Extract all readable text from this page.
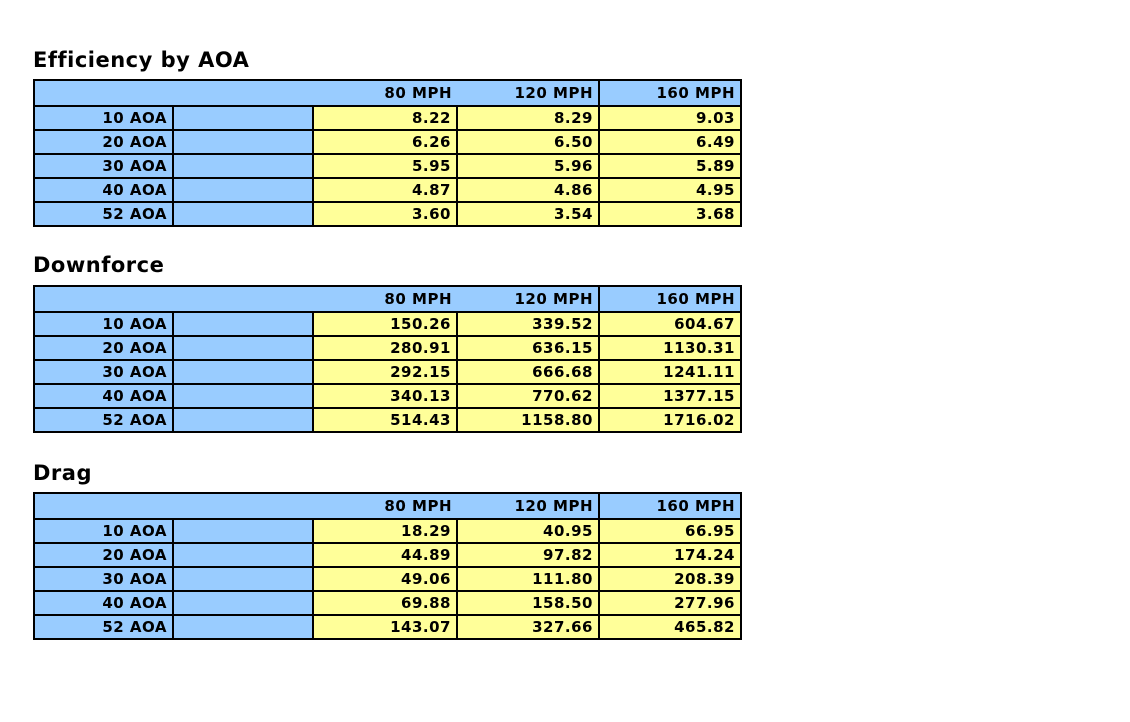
Efficiency by AOA
		80 MPH	120 MPH	160 MPH
10 AOA		8.22	8.29	9.03
20 AOA		6.26	6.50	6.49
30 AOA		5.95	5.96	5.89
40 AOA		4.87	4.86	4.95
52 AOA		3.60	3.54	3.68
Downforce
		80 MPH	120 MPH	160 MPH
10 AOA		150.26	339.52	604.67
20 AOA		280.91	636.15	1130.31
30 AOA		292.15	666.68	1241.11
40 AOA		340.13	770.62	1377.15
52 AOA		514.43	1158.80	1716.02
Drag
		80 MPH	120 MPH	160 MPH
10 AOA		18.29	40.95	66.95
20 AOA		44.89	97.82	174.24
30 AOA		49.06	111.80	208.39
40 AOA		69.88	158.50	277.96
52 AOA		143.07	327.66	465.82
